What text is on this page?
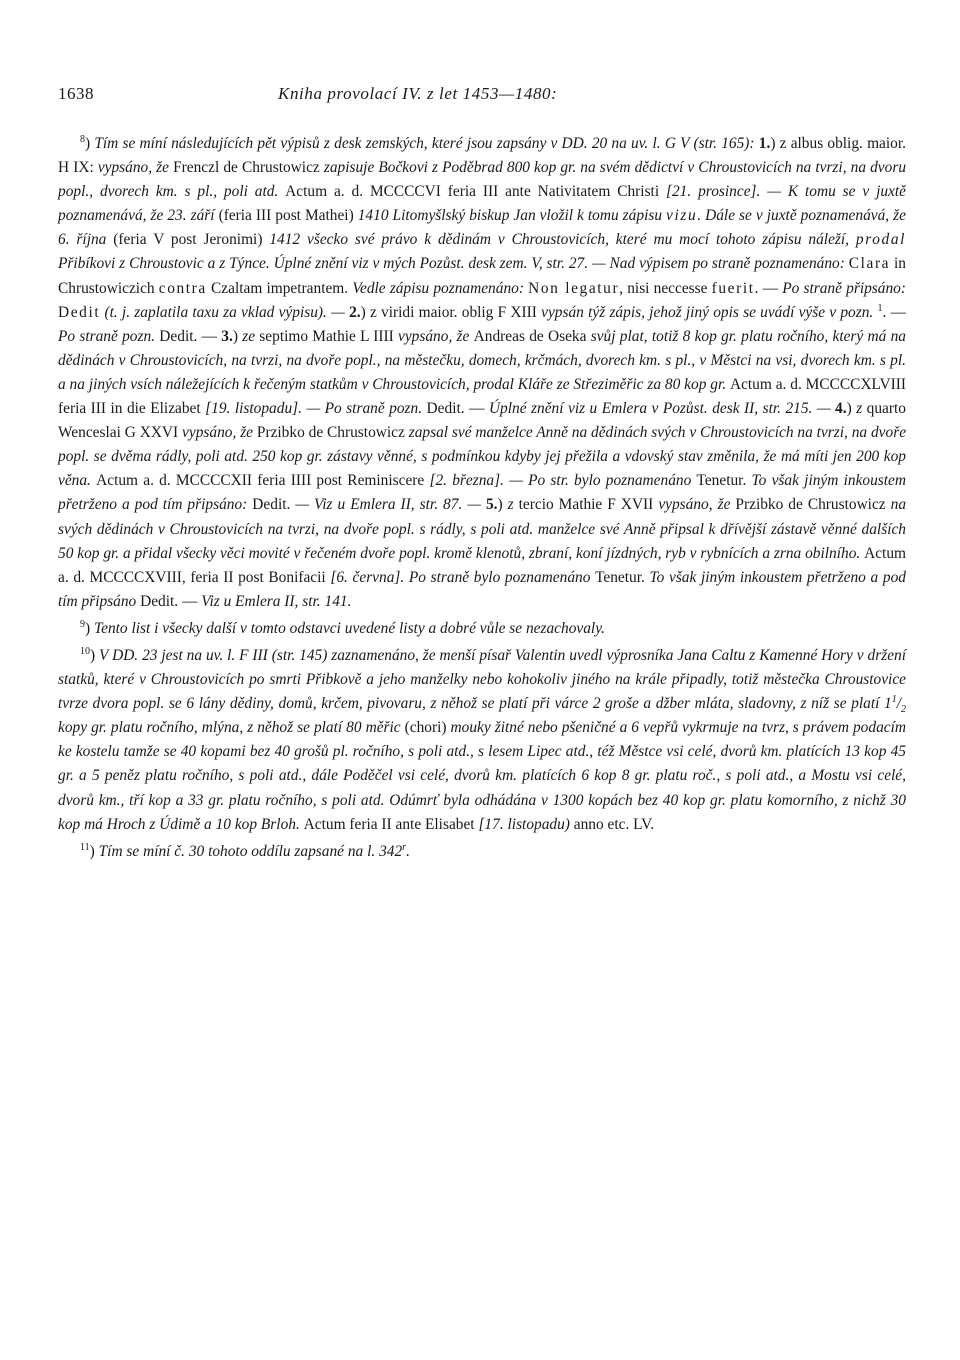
1638	Kniha provolací IV. z let 1453—1480:

$^8$) Tím se míní následujících pět výpisů z desk zemských, které jsou zapsány v DD. 20 na uv. l. G V (str. 165): 1.) z albus oblig. maior. H IX: vypsáno, že Frenczl de Chrustowicz zapisuje Bočkovi z Poděbrad 800 kop gr. na svém dědictví v Chroustovicích na tvrzi, na dvoru popl., dvorech km. s pl., poli atd. Actum a. d. MCCCCVI feria III ante Nativitatem Christi [21. prosince]. — K tomu se v juxtě poznamenává, že 23. září (feria III post Mathei) 1410 Litomyšlský biskup Jan vložil k tomu zápisu vizu. Dále se v juxtě poznamenává, že 6. října (feria V post Jeronimi) 1412 všecko své právo k dědinám v Chroustovicích, které mu mocí tohoto zápisu náleží, prodal Přibíkovi z Chroustovic a z Týnce. Úplné znění viz v mých Pozůst. desk zem. V, str. 27. — Nad výpisem po straně poznamenáno: Clara in Chrustowiczich contra Czaltam impetrantem. Vedle zápisu poznamenáno: Non legatur, nisi neccesse fuerit. — Po straně připsáno: Dedit (t. j. zaplatila taxu za vklad výpisu). — 2.) z viridi maior. oblig F XIII vypsán týž zápis, jehož jiný opis se uvádí výše v pozn. $^1$. — Po straně pozn. Dedit. — 3.) ze septimo Mathie L IIII vypsáno, že Andreas de Oseka svůj plat, totiž 8 kop gr. platu ročního, který má na dědinách v Chroustovicích, na tvrzi, na dvoře popl., na městečku, domech, krčmách, dvorech km. s pl., v Městci na vsi, dvorech km. s pl. a na jiných vsích náležejících k řečeným statkům v Chroustovicích, prodal Kláře ze Střeziměřic za 80 kop gr. Actum a. d. MCCCCXLVIII feria III in die Elizabet [19. listopadu]. — Po straně pozn. Dedit. — Úplné znění viz u Emlera v Pozůst. desk II, str. 215. — 4.) z quarto Wenceslai G XXVI vypsáno, že Przibko de Chrustowicz zapsal své manželce Anně na dědinách svých v Chroustovicích na tvrzi, na dvoře popl. se dvěma rádly, poli atd. 250 kop gr. zástavy věnné, s podmínkou kdyby jej přežila a vdovský stav změnila, že má míti jen 200 kop věna. Actum a. d. MCCCCXII feria IIII post Reminiscere [2. března]. — Po str. bylo poznamenáno Tenetur. To však jiným inkoustem přetrženo a pod tím připsáno: Dedit. — Viz u Emlera II, str. 87. — 5.) z tercio Mathie F XVII vypsáno, že Przibko de Chrustowicz na svých dědinách v Chroustovicích na tvrzi, na dvoře popl. s rádly, s poli atd. manželce své Anně připsal k dřívější zástavě věnné dalších 50 kop gr. a přidal všecky věci movité v řečeném dvoře popl. kromě klenotů, zbraní, koní jízdných, ryb v rybnících a zrna obilního. Actum a. d. MCCCCXVIII, feria II post Bonifacii [6. června]. Po straně bylo poznamenáno Tenetur. To však jiným inkoustem přetrženo a pod tím připsáno Dedit. — Viz u Emlera II, str. 141.

$^9$) Tento list i všecky další v tomto odstavci uvedené listy a dobré vůle se nezachovaly.

$^{10}$) V DD. 23 jest na uv. l. F III (str. 145) zaznamenáno, že menší písař Valentin uvedl výprosníka Jana Caltu z Kamenné Hory v držení statků, které v Chroustovicích po smrti Přibkově a jeho manželky nebo kohokoliv jiného na krále připadly, totiž městečka Chroustovice tvrze dvora popl. se 6 lány dědiny, domů, krčem, pivovaru, z něhož se platí při várce 2 groše a džber mláta, sladovny, z níž se platí $1^1/_2$ kopy gr. platu ročního, mlýna, z něhož se platí 80 měřic (chori) mouky žitné nebo pšeničné a 6 vepřů vykrmuje na tvrz, s právem podacím ke kostelu tamže se 40 kopami bez 40 grošů pl. ročního, s poli atd., s lesem Lipec atd., též Městce vsi celé, dvorů km. platících 13 kop 45 gr. a 5 peněz platu ročního, s poli atd., dále Poděčel vsi celé, dvorů km. platících 6 kop 8 gr. platu roč., s poli atd., a Mostu vsi celé, dvorů km., tří kop a 33 gr. platu ročního, s poli atd. Odúmrť byla odhádána v 1300 kopách bez 40 kop gr. platu komorního, z nichž 30 kop má Hroch z Údimě a 10 kop Brloh. Actum feria II ante Elisabet [17. listopadu) anno etc. LV.

$^{11}$) Tím se míní č. 30 tohoto oddílu zapsané na l. 342$^r$.
